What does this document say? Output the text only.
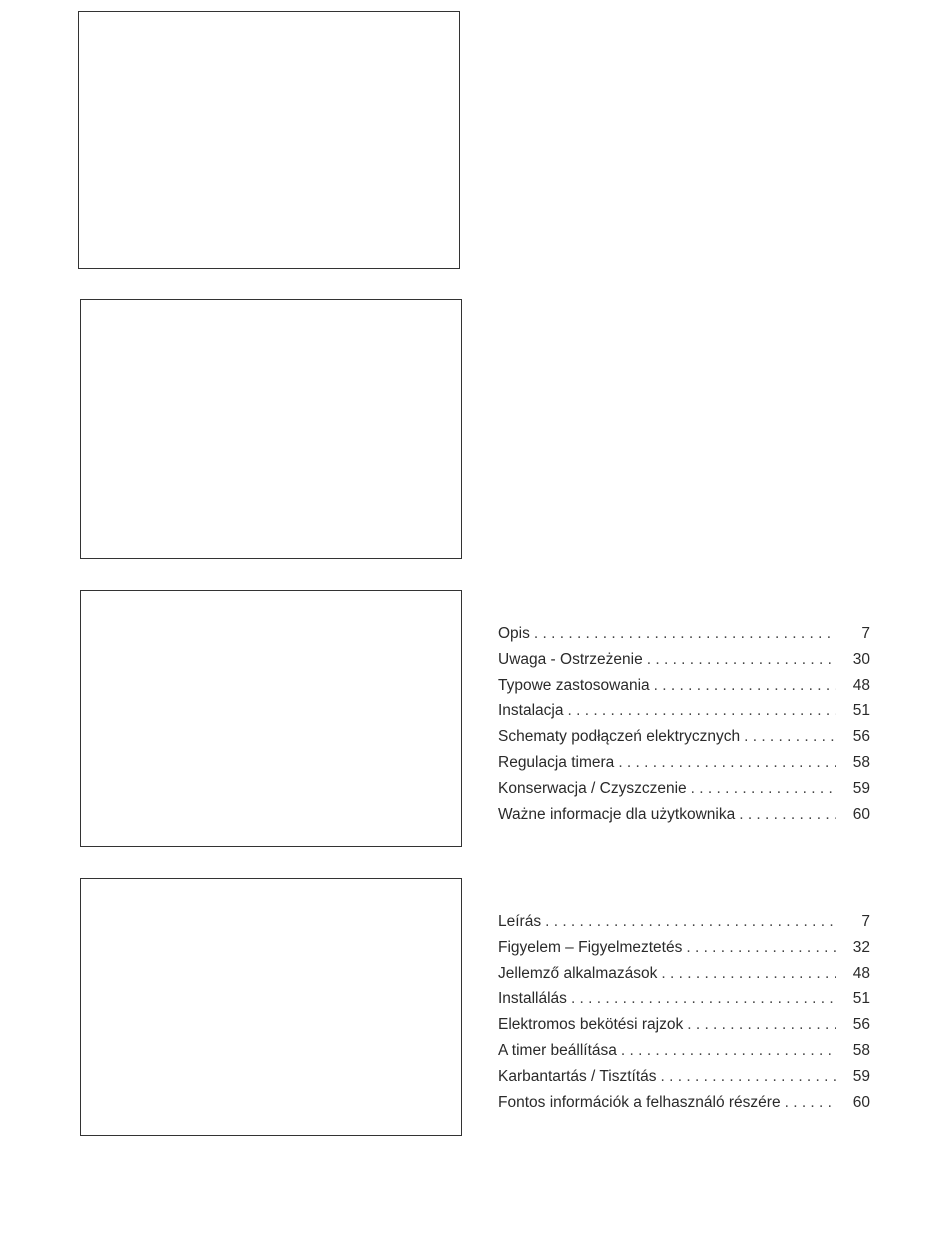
Opis . . .	7
Uwaga - Ostrzeżenie . . .	30
Typowe zastosowania . . .	48
Instalacja . . .	51
Schematy podłączeń elektrycznych . . .	56
Regulacja timera . . .	58
Konserwacja / Czyszczenie . . .	59
Ważne informacje dla użytkownika . . .	60
Leírás . . .	7
Figyelem – Figyelmeztetés . . .	32
Jellemző alkalmazások . . .	48
Installálás . . .	51
Elektromos bekötési rajzok . . .	56
A timer beállítása . . .	58
Karbantartás / Tisztítás . . .	59
Fontos információk a felhasználó részére . . .	60
